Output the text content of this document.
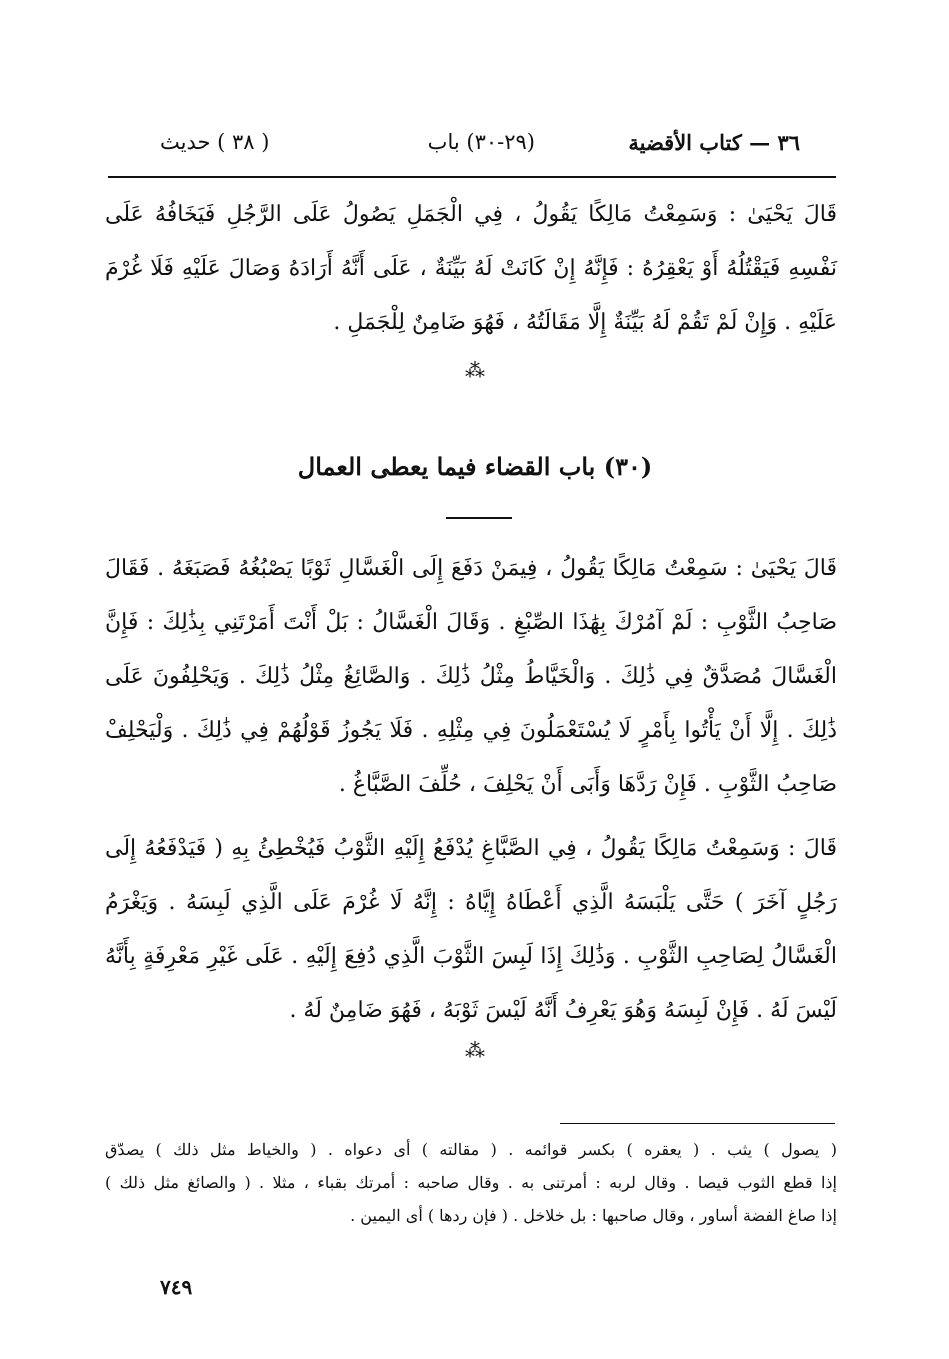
٣٦ — كتاب الأقضية
(٢٩-٣٠) باب
( ٣٨ ) حديث

قَالَ يَحْيَىٰ : وَسَمِعْتُ مَالِكًا يَقُولُ ، فِي الْجَمَلِ يَصُولُ عَلَى الرَّجُلِ فَيَخَافُهُ عَلَى نَفْسِهِ فَيَقْتُلُهُ أَوْ يَعْقِرُهُ : فَإِنَّهُ إِنْ كَانَتْ لَهُ بَيِّنَةٌ ، عَلَى أَنَّهُ أَرَادَهُ وَصَالَ عَلَيْهِ فَلَا غُرْمَ عَلَيْهِ . وَإِنْ لَمْ تَقُمْ لَهُ بَيِّنَةٌ إِلَّا مَقَالَتُهُ ، فَهُوَ ضَامِنٌ لِلْجَمَلِ .

⁂
(٣٠) باب القضاء فيما يعطى العمال

قَالَ يَحْيَىٰ : سَمِعْتُ مَالِكًا يَقُولُ ، فِيمَنْ دَفَعَ إِلَى الْغَسَّالِ ثَوْبًا يَصْبُغُهُ فَصَبَغَهُ . فَقَالَ صَاحِبُ الثَّوْبِ : لَمْ آمُرْكَ بِهَٰذَا الصِّبْغِ . وَقَالَ الْغَسَّالُ : بَلْ أَنْتَ أَمَرْتَنِي بِذَٰلِكَ : فَإِنَّ الْغَسَّالَ مُصَدَّقٌ فِي ذَٰلِكَ . وَالْخَيَّاطُ مِثْلُ ذَٰلِكَ . وَالصَّائِغُ مِثْلُ ذَٰلِكَ . وَيَحْلِفُونَ عَلَى ذَٰلِكَ . إِلَّا أَنْ يَأْتُوا بِأَمْرٍ لَا يُسْتَعْمَلُونَ فِي مِثْلِهِ . فَلَا يَجُوزُ قَوْلُهُمْ فِي ذَٰلِكَ . وَلْيَحْلِفْ صَاحِبُ الثَّوْبِ . فَإِنْ رَدَّهَا وَأَبَى أَنْ يَحْلِفَ ، حُلِّفَ الصَّبَّاغُ .

قَالَ : وَسَمِعْتُ مَالِكًا يَقُولُ ، فِي الصَّبَّاغِ يُدْفَعُ إِلَيْهِ الثَّوْبُ فَيُخْطِئُ بِهِ ( فَيَدْفَعُهُ إِلَى رَجُلٍ آخَرَ ) حَتَّى يَلْبَسَهُ الَّذِي أَعْطَاهُ إِيَّاهُ : إِنَّهُ لَا غُرْمَ عَلَى الَّذِي لَبِسَهُ . وَيَغْرَمُ الْغَسَّالُ لِصَاحِبِ الثَّوْبِ . وَذَٰلِكَ إِذَا لَبِسَ الثَّوْبَ الَّذِي دُفِعَ إِلَيْهِ . عَلَى غَيْرِ مَعْرِفَةٍ بِأَنَّهُ لَيْسَ لَهُ . فَإِنْ لَبِسَهُ وَهُوَ يَعْرِفُ أَنَّهُ لَيْسَ ثَوْبَهُ ، فَهُوَ ضَامِنٌ لَهُ .

⁂

( يصول ) يثب . ( يعقره ) بكسر قوائمه . ( مقالته ) أى دعواه . ( والخياط مثل ذلك ) يصدّق

إذا قطع الثوب قيصا . وقال لربه : أمرتنى به . وقال صاحبه : أمرتك بقباء ، مثلا . ( والصائغ مثل ذلك )

إذا صاغ الفضة أساور ، وقال صاحبها : بل خلاخل . ( فإن ردها ) أى اليمين .

٧٤٩
